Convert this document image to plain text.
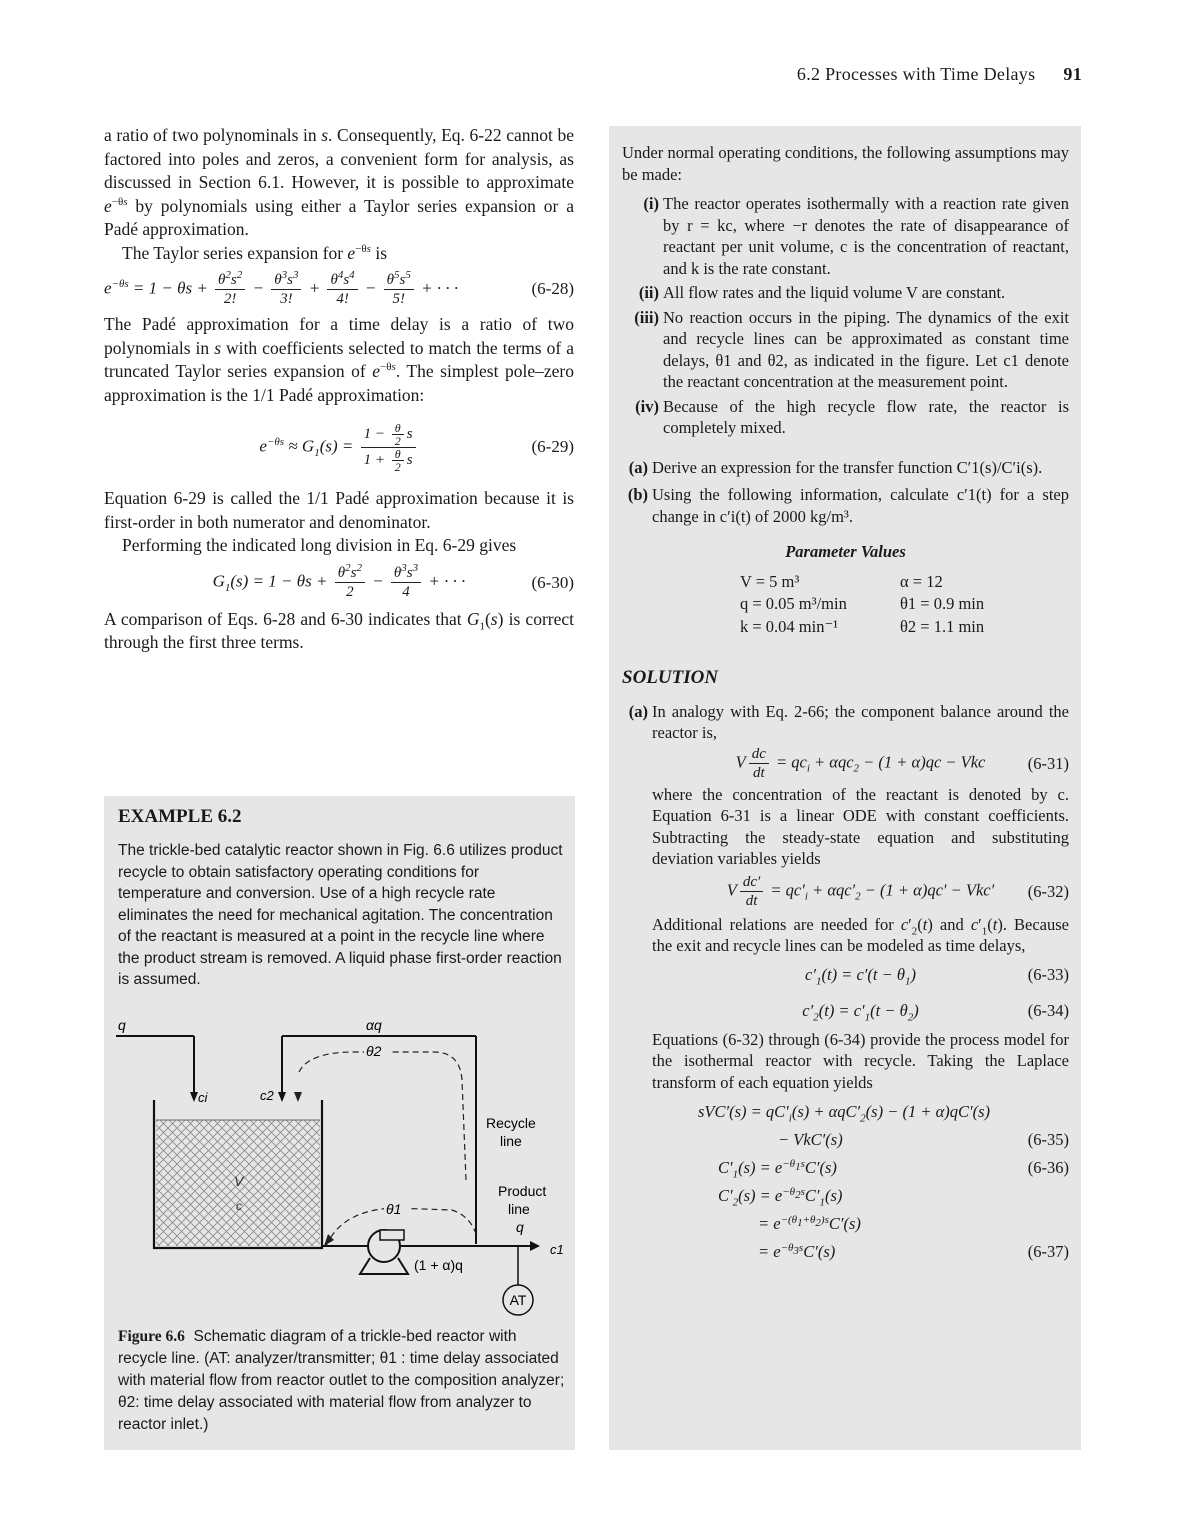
6.2 Processes with Time Delays 91

a ratio of two polynominals in s. Consequently, Eq. 6-22 cannot be factored into poles and zeros, a convenient form for analysis, as discussed in Section 6.1. However, it is possible to approximate $e^{-\theta s}$ by polynomials using either a Taylor series expansion or a Padé approximation.

The Taylor series expansion for $e^{-\theta s}$ is

$e^{-\theta s} = 1 - \theta s + \frac{\theta^2s^2}{2!} - \frac{\theta^3s^3}{3!} + \frac{\theta^4s^4}{4!} - \frac{\theta^5s^5}{5!}$ + · · ·	(6-28)

The Padé approximation for a time delay is a ratio of two polynomials in s with coefficients selected to match the terms of a truncated Taylor series expansion of $e^{-\theta s}$. The simplest pole–zero approximation is the 1/1 Padé approximation:

$e^{-\theta s} \approx G_1(s) = \frac{1 - \frac{\theta}{2} s}{1 + \frac{\theta}{2} s}$	(6-29)

Equation 6-29 is called the 1/1 Padé approximation because it is first-order in both numerator and denominator.

Performing the indicated long division in Eq. 6-29 gives

$G_1(s) = 1 - \theta s + \frac{\theta^2s^2}{2} - \frac{\theta^3s^3}{4}$ + · · ·	(6-30)

A comparison of Eqs. 6-28 and 6-30 indicates that $G_1(s)$ is correct through the first three terms.

EXAMPLE 6.2

The trickle-bed catalytic reactor shown in Fig. 6.6 utilizes product recycle to obtain satisfactory operating conditions for temperature and conversion. Use of a high recycle rate eliminates the need for mechanical agitation. The concentration of the reactant is measured at a point in the recycle line where the product stream is removed. A liquid phase first-order reaction is assumed.

q	αq
θ2
ci	c2
V
c	θ1
(1 + α)q
Recycle
line
Product
line
q
c1
AT

Figure 6.6 Schematic diagram of a trickle-bed reactor with recycle line. (AT: analyzer/transmitter; θ1 : time delay associated with material flow from reactor outlet to the composition analyzer; θ2: time delay associated with material flow from analyzer to reactor inlet.)

Under normal operating conditions, the following assumptions may be made:

(i) The reactor operates isothermally with a reaction rate given by r = kc, where −r denotes the rate of disappearance of reactant per unit volume, c is the concentration of reactant, and k is the rate constant.
(ii) All flow rates and the liquid volume V are constant.
(iii) No reaction occurs in the piping. The dynamics of the exit and recycle lines can be approximated as constant time delays, θ1 and θ2, as indicated in the figure. Let c1 denote the reactant concentration at the measurement point.
(iv) Because of the high recycle flow rate, the reactor is completely mixed.
(a) Derive an expression for the transfer function C′1(s)/C′i(s).
(b) Using the following information, calculate c′1(t) for a step change in c′i(t) of 2000 kg/m³.
Parameter Values
V = 5 m³	α = 12
q = 0.05 m³/min	θ1 = 0.9 min
k = 0.04 min⁻¹	θ2 = 1.1 min
SOLUTION
(a) In analogy with Eq. 2-66; the component balance around the reactor is,
V $\frac{dc}{dt} = qc_i + \alpha qc_2 - (1 + \alpha)qc$ − Vkc	(6-31)

where the concentration of the reactant is denoted by c. Equation 6-31 is a linear ODE with constant coefficients. Subtracting the steady-state equation and substituting deviation variables yields

V $\frac{dc'}{dt} = qc'_i + \alpha qc'_2 - (1 + \alpha)qc' - Vkc'$	(6-32)

Additional relations are needed for $c'_2(t)$ and $c'_1(t)$. Because the exit and recycle lines can be modeled as time delays,

$c'_1(t) = c'(t - \theta_1)$	(6-33)
$c'_2(t) = c'_1(t - \theta_2)$	(6-34)

Equations (6-32) through (6-34) provide the process model for the isothermal reactor with recycle. Taking the Laplace transform of each equation yields

$sVC'(s) = qC'_i(s) + \alpha qC'_2(s) - (1 + \alpha)qC'(s)$
− VkC′(s)	(6-35)
$C'_1(s) = e^{-\theta_1s}C'(s)$	(6-36)
$C'_2(s) = e^{-\theta_2s}C'_1(s)$
= $e^{-(\theta_1+\theta_2)s}C'(s)$
= $e^{-\theta_3s}C'(s)$	(6-37)
